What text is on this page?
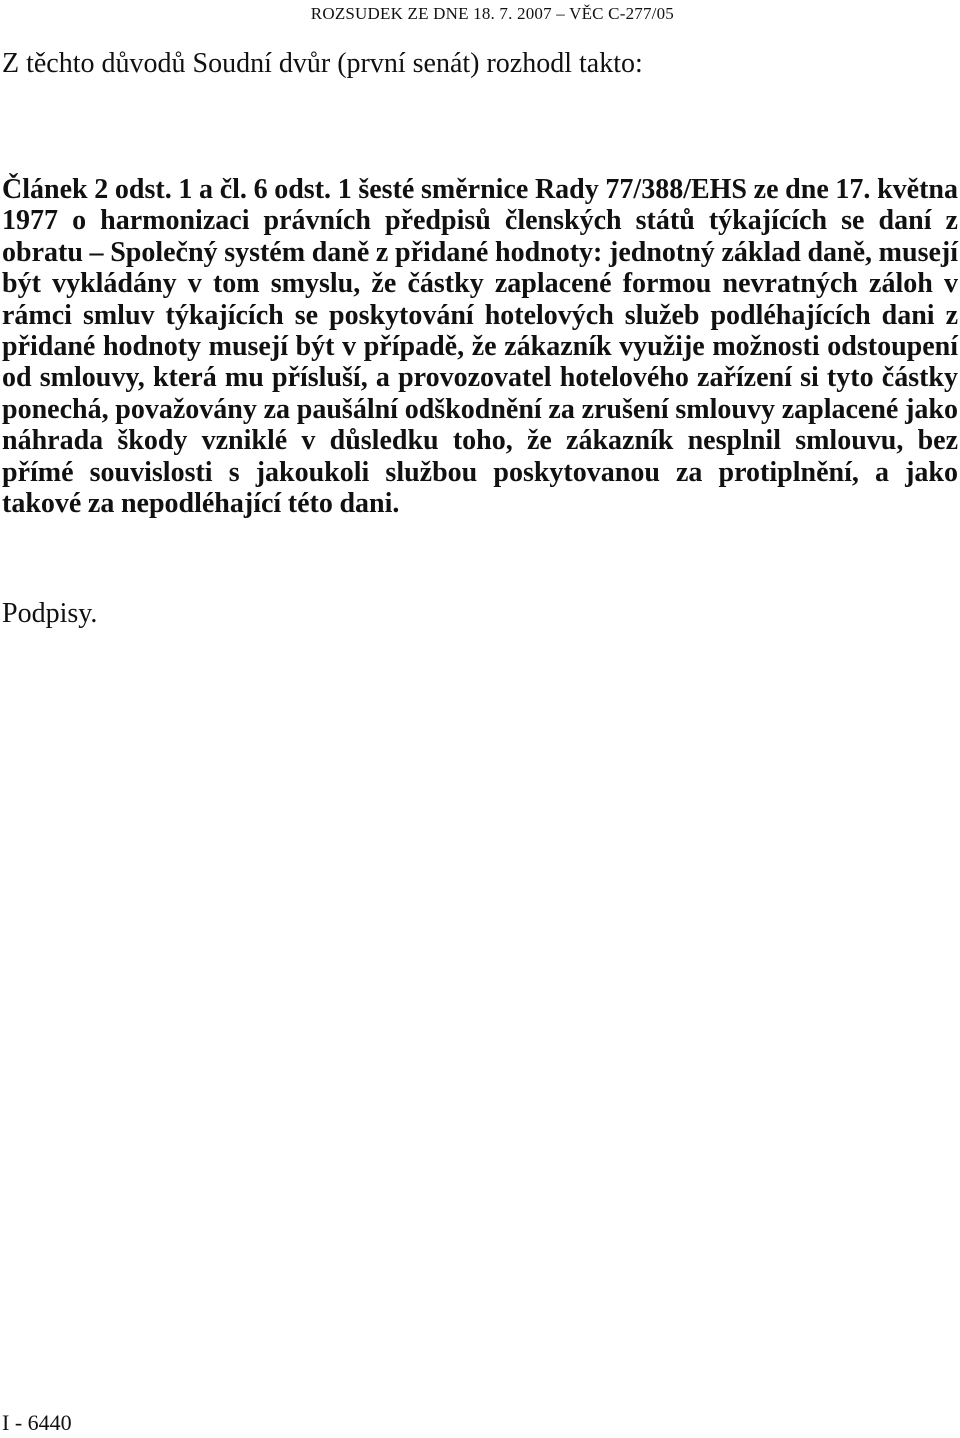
ROZSUDEK ZE DNE 18. 7. 2007 – VĚC C-277/05
Z těchto důvodů Soudní dvůr (první senát) rozhodl takto:
Článek 2 odst. 1 a čl. 6 odst. 1 šesté směrnice Rady 77/388/EHS ze dne 17. května 1977 o harmonizaci právních předpisů členských států týkajících se daní z obratu – Společný systém daně z přidané hodnoty: jednotný základ daně, musejí být vykládány v tom smyslu, že částky zaplacené formou nevratných záloh v rámci smluv týkajících se poskytování hotelových služeb podléhajících dani z přidané hodnoty musejí být v případě, že zákazník využije možnosti odstoupení od smlouvy, která mu přísluší, a provozovatel hotelového zařízení si tyto částky ponechá, považovány za paušální odškodnění za zrušení smlouvy zaplacené jako náhrada škody vzniklé v důsledku toho, že zákazník nesplnil smlouvu, bez přímé souvislosti s jakoukoli službou poskytovanou za protiplnění, a jako takové za nepodléhající této dani.
Podpisy.
I - 6440
